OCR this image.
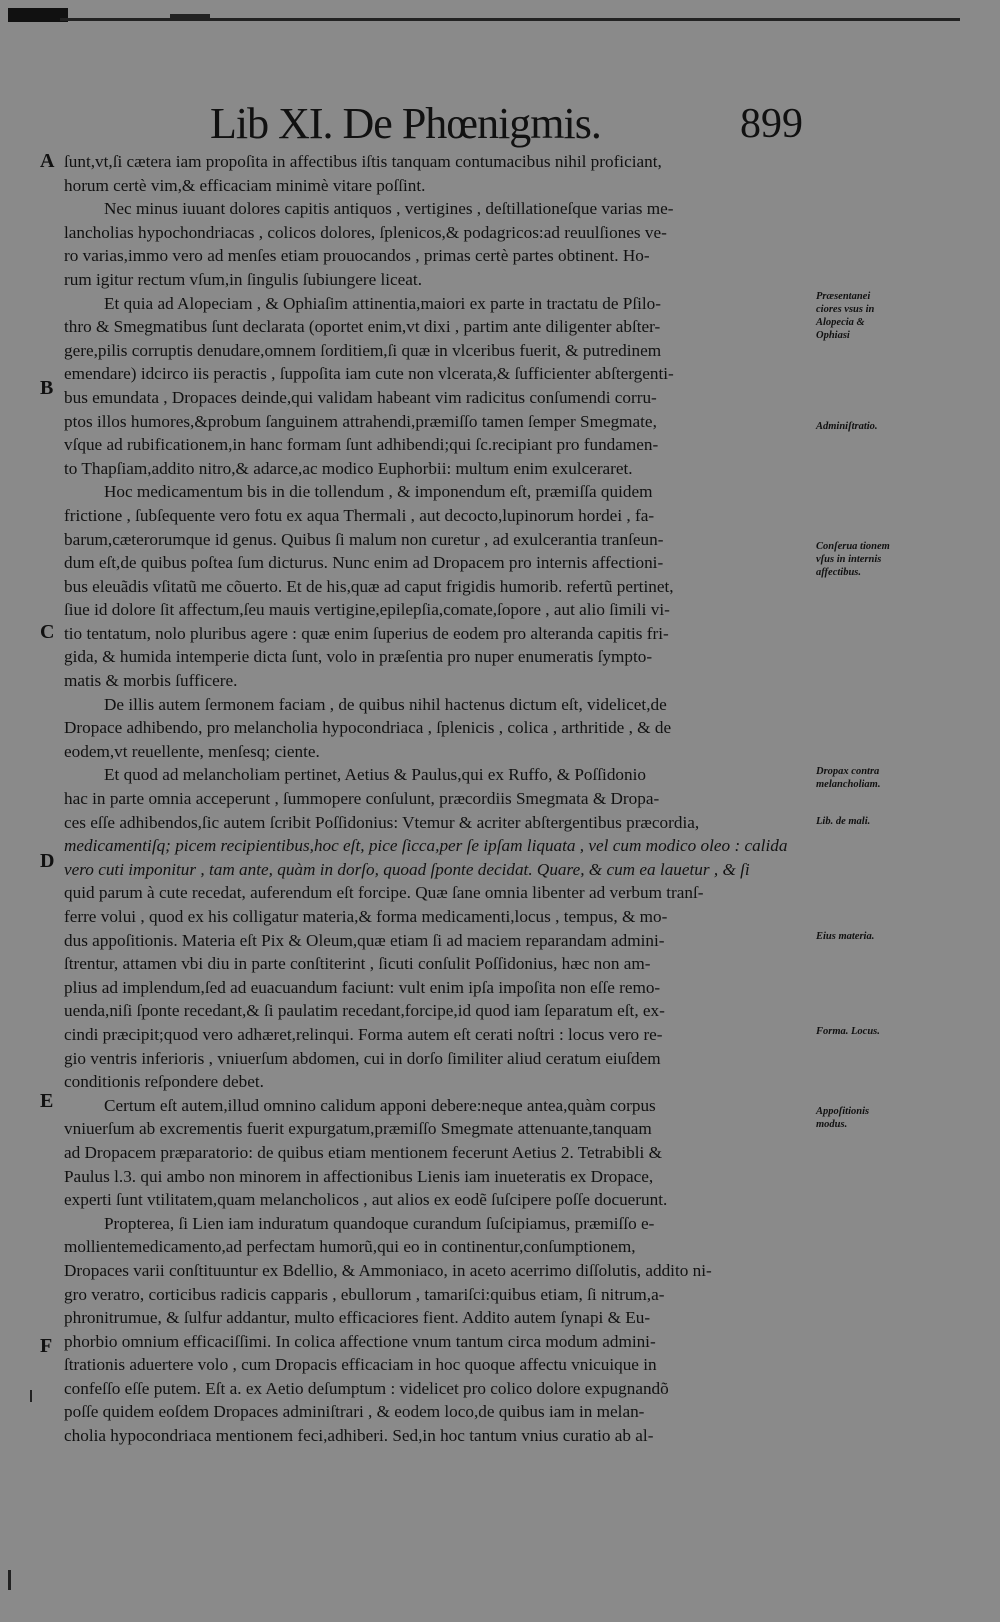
Lib XI. De Phœnigmis.	899
A
B
C
D
E
F
Præsentanei ciores vsus in Alopecia & Ophiasi
Adminiſtratio.
Conſerua tionem vſus in internis affectibus.
Dropax contra melancholiam.
Lib. de mali.
Eius materia.
Forma. Locus.
Appoſitionis modus.
ſunt,vt,ſi cætera iam propoſita in affectibus iſtis tanquam contumacibus nihil proficiant,
horum certè vim,& efficaciam minimè vitare poſſint.
Nec minus iuuant dolores capitis antiquos , vertigines , deſtillationeſque varias me-
lancholias hypochondriacas , colicos dolores, ſplenicos,& podagricos:ad reuulſiones ve-
ro varias,immo vero ad menſes etiam prouocandos , primas certè partes obtinent. Ho-
rum igitur rectum vſum,in ſingulis ſubiungere liceat.
Et quia ad Alopeciam , & Ophiaſim attinentia,maiori ex parte in tractatu de Pſilo-
thro & Smegmatibus ſunt declarata (oportet enim,vt dixi , partim ante diligenter abſter-
gere,pilis corruptis denudare,omnem ſorditiem,ſi quæ in vlceribus fuerit, & putredinem
emendare) idcirco iis peractis , ſuppoſita iam cute non vlcerata,& ſufficienter abſtergenti-
bus emundata , Dropaces deinde,qui validam habeant vim radicitus conſumendi corru-
ptos illos humores,&probum ſanguinem attrahendi,præmiſſo tamen ſemper Smegmate,
vſque ad rubificationem,in hanc formam ſunt adhibendi;qui ſc.recipiant pro fundamen-
to Thapſiam,addito nitro,& adarce,ac modico Euphorbii: multum enim exulceraret.
Hoc medicamentum bis in die tollendum , & imponendum eſt, præmiſſa quidem
frictione , ſubſequente vero fotu ex aqua Thermali , aut decocto,lupinorum hordei , fa-
barum,cæterorumque id genus. Quibus ſi malum non curetur , ad exulcerantia tranſeun-
dum eſt,de quibus poſtea ſum dicturus. Nunc enim ad Dropacem pro internis affectioni-
bus eleuãdis vſitatũ me cõuerto. Et de his,quæ ad caput frigidis humorib. refertũ pertinet,
ſiue id dolore ſit affectum,ſeu mauis vertigine,epilepſia,comate,ſopore , aut alio ſimili vi-
tio tentatum, nolo pluribus agere : quæ enim ſuperius de eodem pro alteranda capitis fri-
gida, & humida intemperie dicta ſunt, volo in præſentia pro nuper enumeratis ſympto-
matis & morbis ſufficere.
De illis autem ſermonem faciam , de quibus nihil hactenus dictum eſt, videlicet,de
Dropace adhibendo, pro melancholia hypocondriaca , ſplenicis , colica , arthritide , & de
eodem,vt reuellente, menſesq; ciente.
Et quod ad melancholiam pertinet, Aetius & Paulus,qui ex Ruffo, & Poſſidonio
hac in parte omnia acceperunt , ſummopere conſulunt, præcordiis Smegmata & Dropa-
ces eſſe adhibendos,ſic autem ſcribit Poſſidonius: Vtemur & acriter abſtergentibus præcordia,
medicamentiſq; picem recipientibus,hoc eſt, pice ſicca,per ſe ipſam liquata , vel cum modico oleo : calida
vero cuti imponitur , tam ante, quàm in dorſo, quoad ſponte decidat. Quare, & cum ea lauetur , & ſi
quid parum à cute recedat, auferendum eſt forcipe. Quæ ſane omnia libenter ad verbum tranſ-
ferre volui , quod ex his colligatur materia,& forma medicamenti,locus , tempus, & mo-
dus appoſitionis. Materia eſt Pix & Oleum,quæ etiam ſi ad maciem reparandam admini-
ſtrentur, attamen vbi diu in parte conſtiterint , ſicuti conſulit Poſſidonius, hæc non am-
plius ad implendum,ſed ad euacuandum faciunt: vult enim ipſa impoſita non eſſe remo-
uenda,niſi ſponte recedant,& ſi paulatim recedant,forcipe,id quod iam ſeparatum eſt, ex-
cindi præcipit;quod vero adhæret,relinqui. Forma autem eſt cerati noſtri : locus vero re-
gio ventris inferioris , vniuerſum abdomen, cui in dorſo ſimiliter aliud ceratum eiuſdem
conditionis reſpondere debet.
Certum eſt autem,illud omnino calidum apponi debere:neque antea,quàm corpus
vniuerſum ab excrementis fuerit expurgatum,præmiſſo Smegmate attenuante,tanquam
ad Dropacem præparatorio: de quibus etiam mentionem fecerunt Aetius 2. Tetrabibli &
Paulus l.3. qui ambo non minorem in affectionibus Lienis iam inueteratis ex Dropace,
experti ſunt vtilitatem,quam melancholicos , aut alios ex eodẽ ſuſcipere poſſe docuerunt.
Propterea, ſi Lien iam induratum quandoque curandum ſuſcipiamus, præmiſſo e-
mollientemedicamento,ad perfectam humorũ,qui eo in continentur,conſumptionem,
Dropaces varii conſtituuntur ex Bdellio, & Ammoniaco, in aceto acerrimo diſſolutis, addito ni-
gro veratro, corticibus radicis capparis , ebullorum , tamariſci:quibus etiam, ſi nitrum,a-
phronitrumue, & ſulfur addantur, multo efficaciores fient. Addito autem ſynapi & Eu-
phorbio omnium efficaciſſimi. In colica affectione vnum tantum circa modum admini-
ſtrationis aduertere volo , cum Dropacis efficaciam in hoc quoque affectu vnicuique in
confeſſo eſſe putem. Eſt a. ex Aetio deſumptum : videlicet pro colico dolore expugnandõ
poſſe quidem eoſdem Dropaces adminiſtrari , & eodem loco,de quibus iam in melan-
cholia hypocondriaca mentionem feci,adhiberi. Sed,in hoc tantum vnius curatio ab al-
